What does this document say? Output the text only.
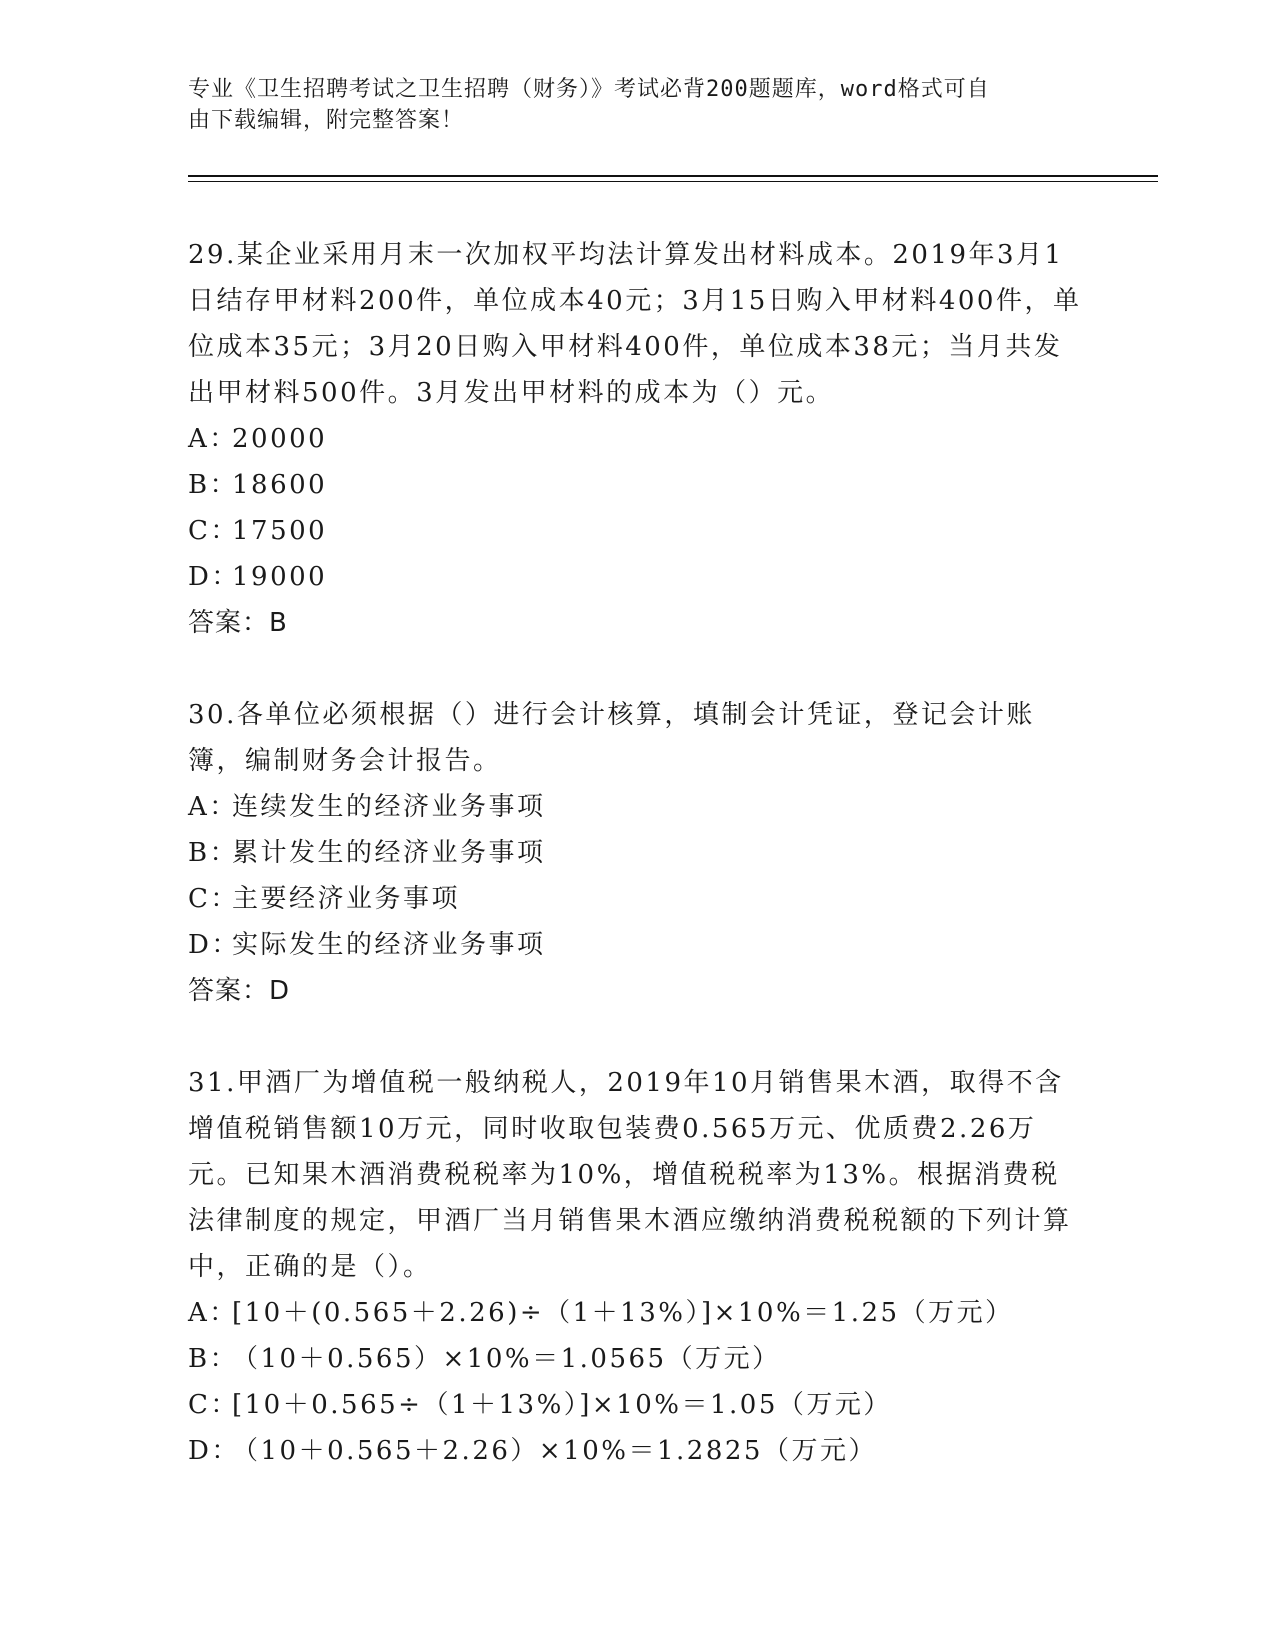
专业《卫生招聘考试之卫生招聘（财务）》考试必背200题题库，word格式可自
由下载编辑，附完整答案！

29.某企业采用月末一次加权平均法计算发出材料成本。2019年3月1日结存甲材料200件，单位成本40元；3月15日购入甲材料400件，单位成本35元；3月20日购入甲材料400件，单位成本38元；当月共发出甲材料500件。3月发出甲材料的成本为（）元。

A：20000

B：18600

C：17500

D：19000

答案：B

30.各单位必须根据（）进行会计核算，填制会计凭证，登记会计账簿，编制财务会计报告。

A：连续发生的经济业务事项

B：累计发生的经济业务事项

C：主要经济业务事项

D：实际发生的经济业务事项

答案：D

31.甲酒厂为增值税一般纳税人，2019年10月销售果木酒，取得不含增值税销售额10万元，同时收取包装费0.565万元、优质费2.26万元。已知果木酒消费税税率为10%，增值税税率为13%。根据消费税法律制度的规定，甲酒厂当月销售果木酒应缴纳消费税税额的下列计算中，正确的是（）。

A：[10＋(0.565＋2.26)÷（1＋13%）]×10%＝1.25（万元）

B：（10＋0.565）×10%＝1.0565（万元）

C：[10＋0.565÷（1＋13%）]×10%＝1.05（万元）

D：（10＋0.565＋2.26）×10%＝1.2825（万元）
